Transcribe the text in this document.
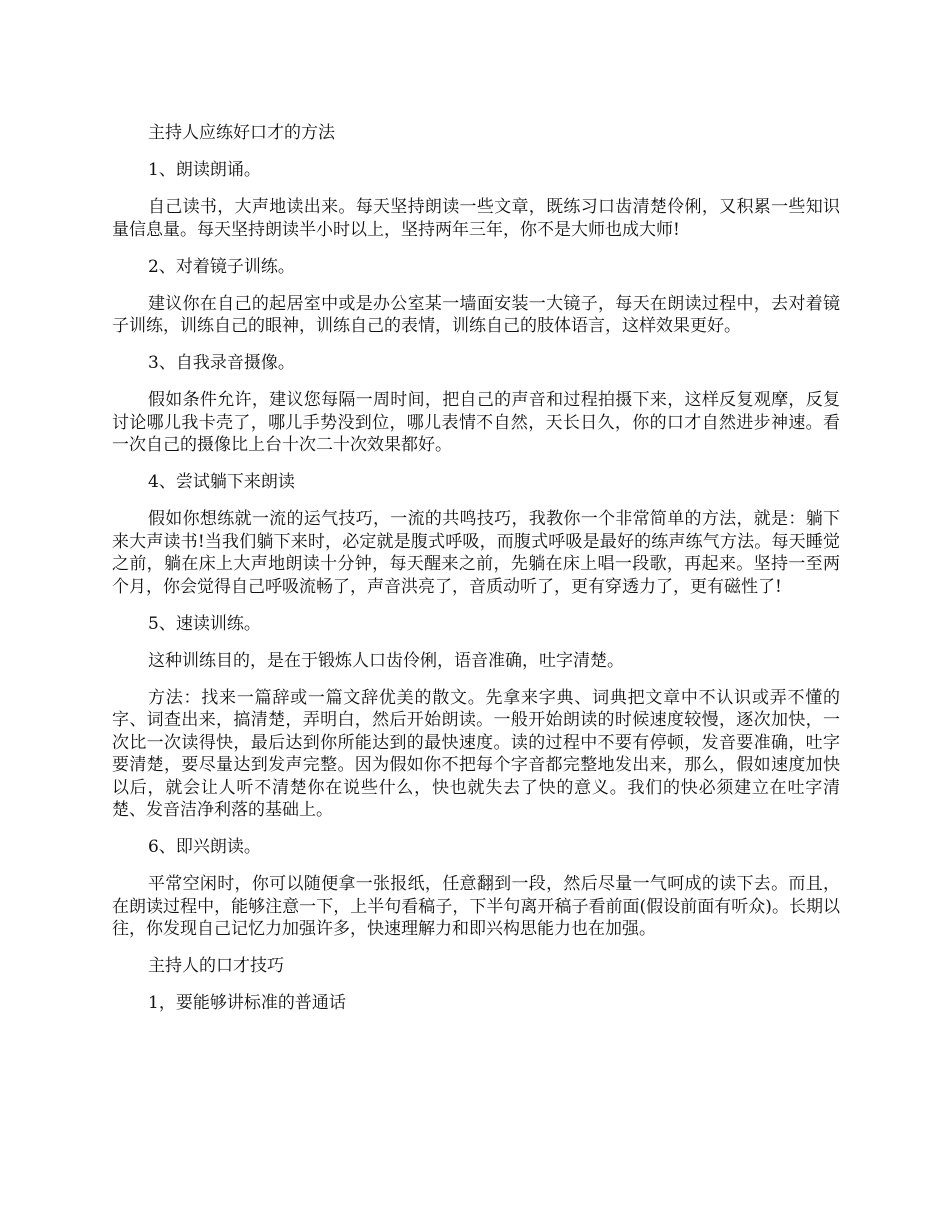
主持人应练好口才的方法

1、朗读朗诵。

自己读书，大声地读出来。每天坚持朗读一些文章，既练习口齿清楚伶俐，又积累一些知识量信息量。每天坚持朗读半小时以上，坚持两年三年，你不是大师也成大师!

2、对着镜子训练。

建议你在自己的起居室中或是办公室某一墙面安装一大镜子，每天在朗读过程中，去对着镜子训练，训练自己的眼神，训练自己的表情，训练自己的肢体语言，这样效果更好。

3、自我录音摄像。

假如条件允许，建议您每隔一周时间，把自己的声音和过程拍摄下来，这样反复观摩，反复讨论哪儿我卡壳了，哪儿手势没到位，哪儿表情不自然，天长日久，你的口才自然进步神速。看一次自己的摄像比上台十次二十次效果都好。

4、尝试躺下来朗读

假如你想练就一流的运气技巧，一流的共鸣技巧，我教你一个非常简单的方法，就是：躺下来大声读书!当我们躺下来时，必定就是腹式呼吸，而腹式呼吸是最好的练声练气方法。每天睡觉之前，躺在床上大声地朗读十分钟，每天醒来之前，先躺在床上唱一段歌，再起来。坚持一至两个月，你会觉得自己呼吸流畅了，声音洪亮了，音质动听了，更有穿透力了，更有磁性了!

5、速读训练。

这种训练目的，是在于锻炼人口齿伶俐，语音准确，吐字清楚。

方法：找来一篇辞或一篇文辞优美的散文。先拿来字典、词典把文章中不认识或弄不懂的字、词查出来，搞清楚，弄明白，然后开始朗读。一般开始朗读的时候速度较慢，逐次加快，一次比一次读得快，最后达到你所能达到的最快速度。读的过程中不要有停顿，发音要准确，吐字要清楚，要尽量达到发声完整。因为假如你不把每个字音都完整地发出来，那么，假如速度加快以后，就会让人听不清楚你在说些什么，快也就失去了快的意义。我们的快必须建立在吐字清楚、发音洁净利落的基础上。

6、即兴朗读。

平常空闲时，你可以随便拿一张报纸，任意翻到一段，然后尽量一气呵成的读下去。而且，在朗读过程中，能够注意一下，上半句看稿子，下半句离开稿子看前面(假设前面有听众)。长期以往，你发现自己记忆力加强许多，快速理解力和即兴构思能力也在加强。

主持人的口才技巧

1，要能够讲标准的普通话
